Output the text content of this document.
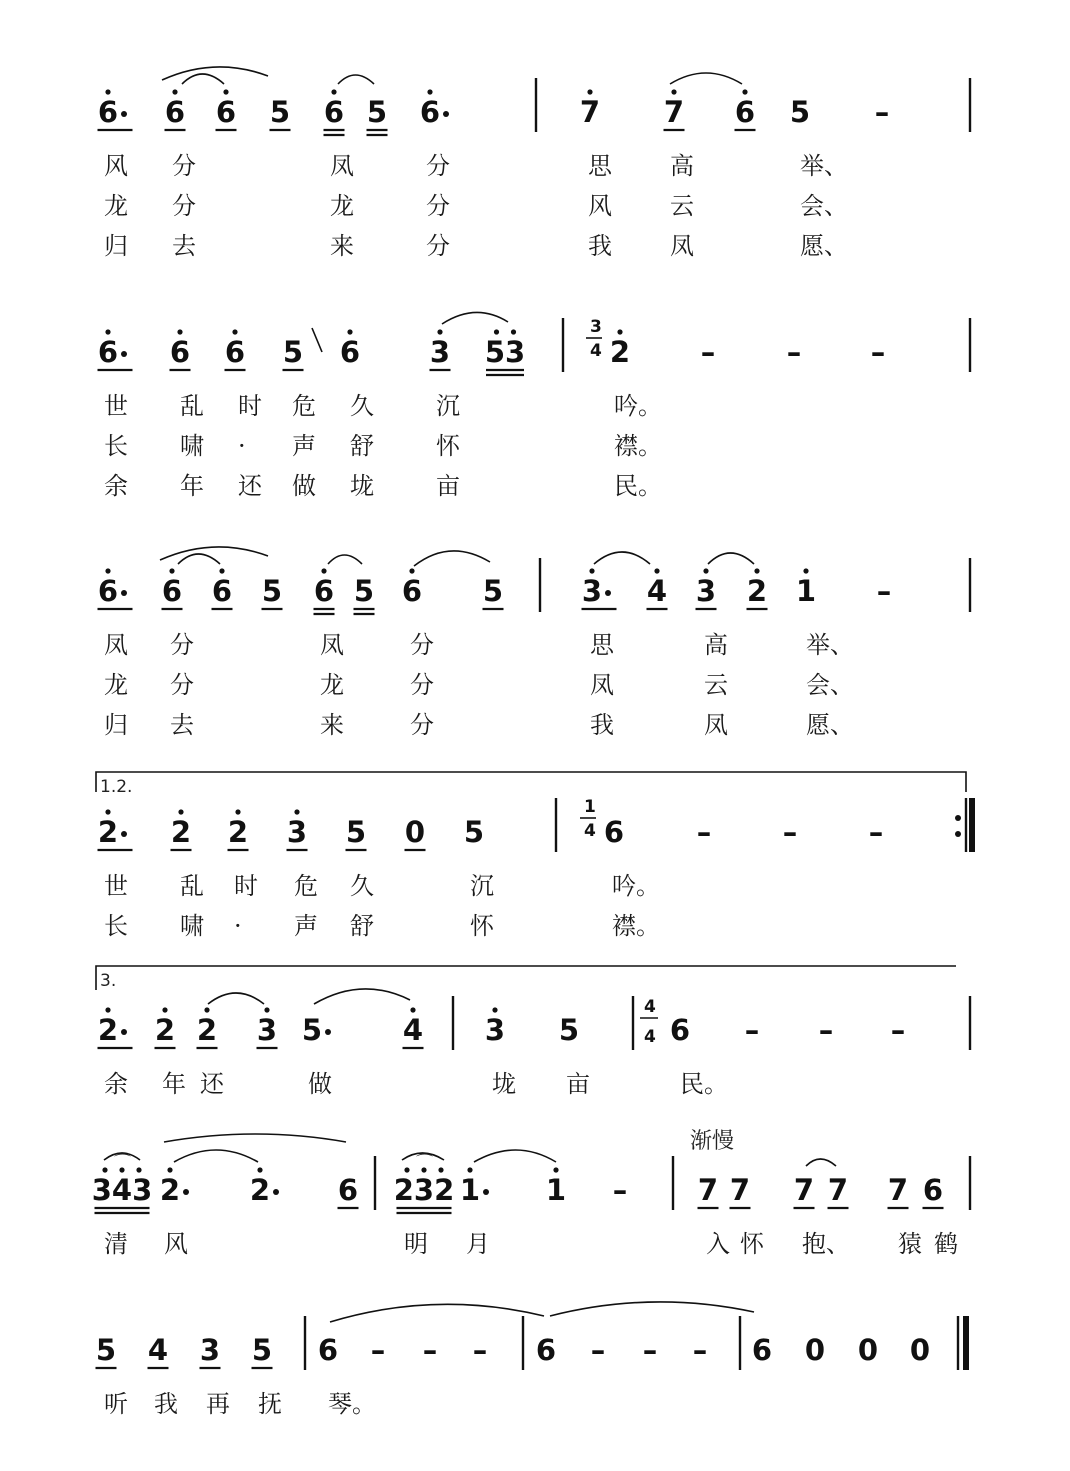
6 6 6 5 6 5 6	7 7 6 5 –
6 6 6 5 6 3 53	2 – – –
6 6 6 5 6 5 6 5	3 4 3 2 1 –
2 2 2 3 5 0 5	6	– – –
2 2 2 3 5	4 3 5	6 – – –
343 2 2 6 232 1 1 – 7 7 7 7 7 6
5 4 3 5 6 – – – 6 – – – 6 0 0 0
风 分	凤	分	思 高	举、
龙 分	龙	分	风 云	会、
归 去	来	分	我 凤	愿、
世 乱 时 危 久	沉	吟。
长 啸 · 声 舒	怀	襟。
余 年 还 做 垅	亩	民。
凤 分	凤	分	思	高	举、
龙 分	龙	分	凤	云	会、
归 去	来	分	我	凤	愿、
世 乱 时 危 久	沉	吟。
长 啸 · 声 舒	怀	襟。
余 年 还	做	垅 亩	民。
清 风	明 月	入 怀 抱、 猿 鹤
听 我 再 抚 琴。
3
4
1.2.
1
4
3.
4
4
渐慢
⌒	⌒
